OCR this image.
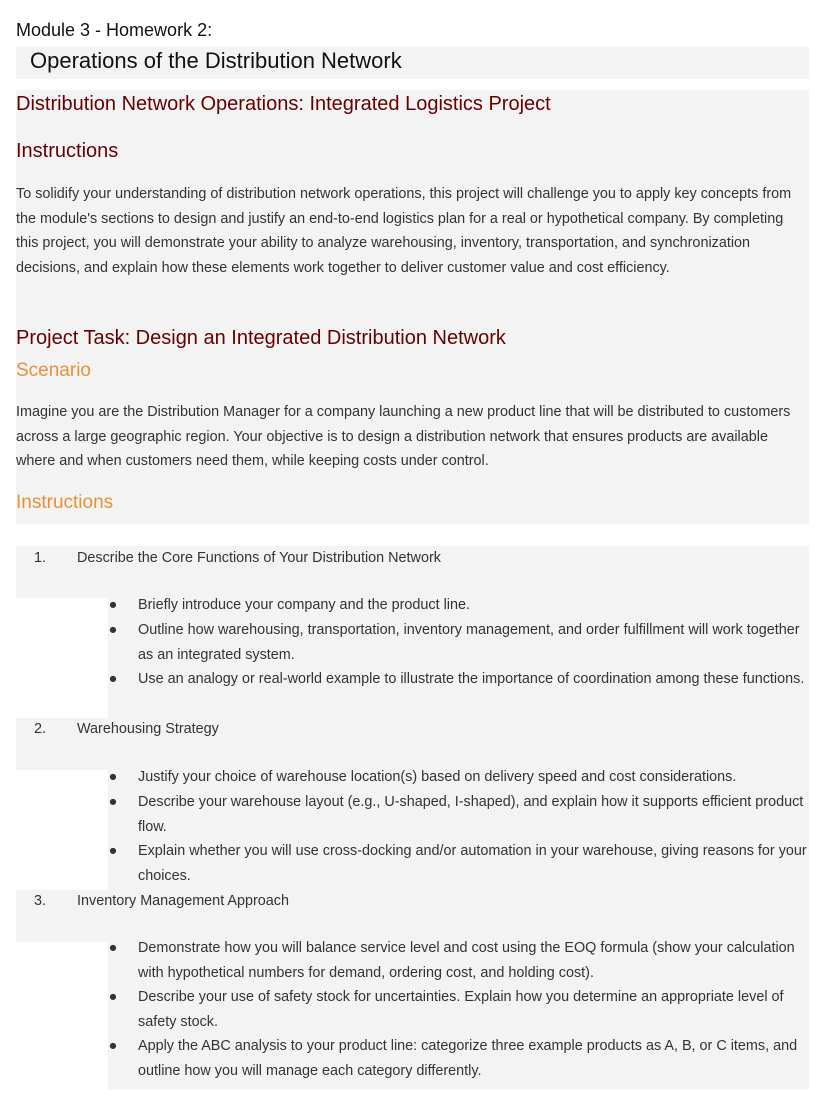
Module 3 - Homework 2:
Operations of the Distribution Network
Distribution Network Operations: Integrated Logistics Project
Instructions
To solidify your understanding of distribution network operations, this project will challenge you to apply key concepts from the module's sections to design and justify an end-to-end logistics plan for a real or hypothetical company. By completing this project, you will demonstrate your ability to analyze warehousing, inventory, transportation, and synchronization decisions, and explain how these elements work together to deliver customer value and cost efficiency.
Project Task: Design an Integrated Distribution Network
Scenario
Imagine you are the Distribution Manager for a company launching a new product line that will be distributed to customers across a large geographic region. Your objective is to design a distribution network that ensures products are available where and when customers need them, while keeping costs under control.
Instructions
1. Describe the Core Functions of Your Distribution Network
● Briefly introduce your company and the product line.
● Outline how warehousing, transportation, inventory management, and order fulfillment will work together as an integrated system.
● Use an analogy or real-world example to illustrate the importance of coordination among these functions.
2. Warehousing Strategy
● Justify your choice of warehouse location(s) based on delivery speed and cost considerations.
● Describe your warehouse layout (e.g., U-shaped, I-shaped), and explain how it supports efficient product flow.
● Explain whether you will use cross-docking and/or automation in your warehouse, giving reasons for your choices.
3. Inventory Management Approach
● Demonstrate how you will balance service level and cost using the EOQ formula (show your calculation with hypothetical numbers for demand, ordering cost, and holding cost).
● Describe your use of safety stock for uncertainties. Explain how you determine an appropriate level of safety stock.
● Apply the ABC analysis to your product line: categorize three example products as A, B, or C items, and outline how you will manage each category differently.
